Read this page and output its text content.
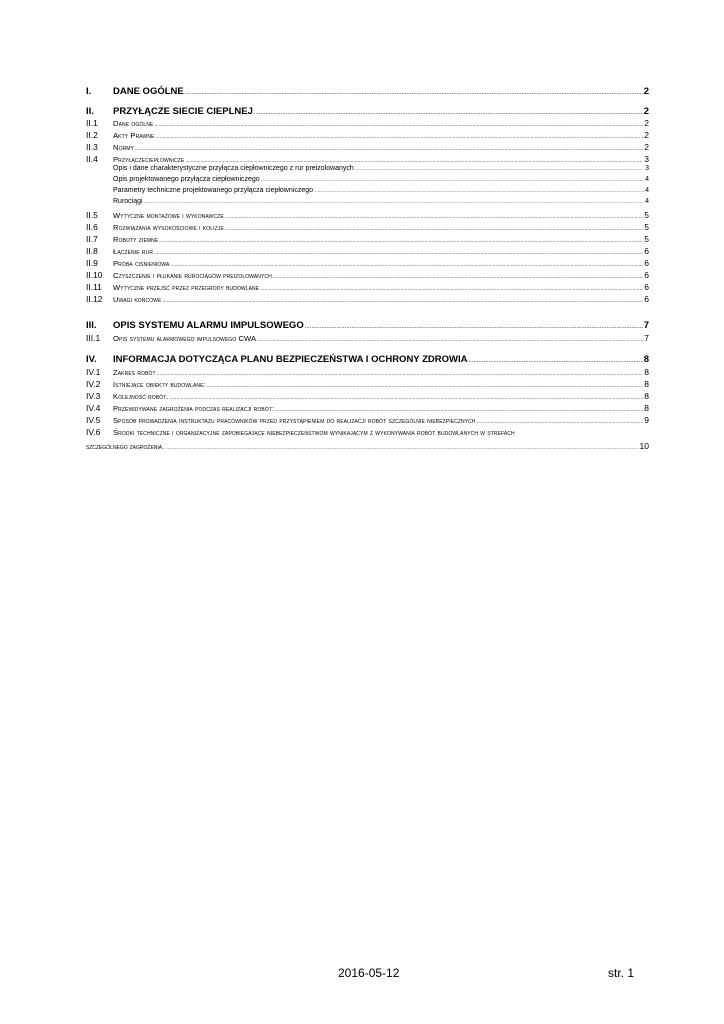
I.	DANE OGÓLNE .....	2
II.	PRZYŁĄCZE SIECIE CIEPLNEJ .....	2
II.1	Dane ogólne .....	2
II.2	Akty Prawne .....	2
II.3	Normy .....	2
II.4	Przyłączeciepłownicze .....	3
Opis i dane charakterystyczne przyłącza ciepłowniczego z rur preizolowanych .....	3
Opis projektowanego przyłącza ciepłowniczego .....	4
Parametry techniczne projektowanego przyłącza ciepłowniczego .....	4
Rurociągi .....	4
II.5	Wytyczne montażowe i wykonawcze .....	5
II.6	Rozwiązania wysokościowe i kolizje .....	5
II.7	Roboty ziemne .....	5
II.8	Łączenie rur .....	6
II.9	Próba ciśnieniowa .....	6
II.10	Czyszczenie i płukanie rurociągów preizolowanych .....	6
II.11	Wytyczne przejść przez przegrody budowlane .....	6
II.12	Uwagi końcowe .....	6
III.	OPIS SYSTEMU ALARMU IMPULSOWEGO .....	7
III.1	Opis systemu alarmowego impulsowego CWA .....	7
IV.	INFORMACJA DOTYCZĄCA PLANU BEZPIECZEŃSTWA I OCHRONY ZDROWIA .....	8
IV.1	Zakres robót .....	8
IV.2	Istniejące obiekty budowlane: .....	8
IV.3	Kolejność robót. .....	8
IV.4	Przewidywane zagrożenia podczas realizacji robót: .....	8
IV.5	Sposób prowadzenia instruktażu pracowników przed przystąpieniem do realizacji robót szczególnie niebezpiecznych .....	9
IV.6	Środki techniczne i organizacyjne zapobiegające niebezpieczeństwom wynikającym z wykonywania robót budowlanych w strefach
szczególnego zagrożenia. .....	10
2016-05-12	str. 1
